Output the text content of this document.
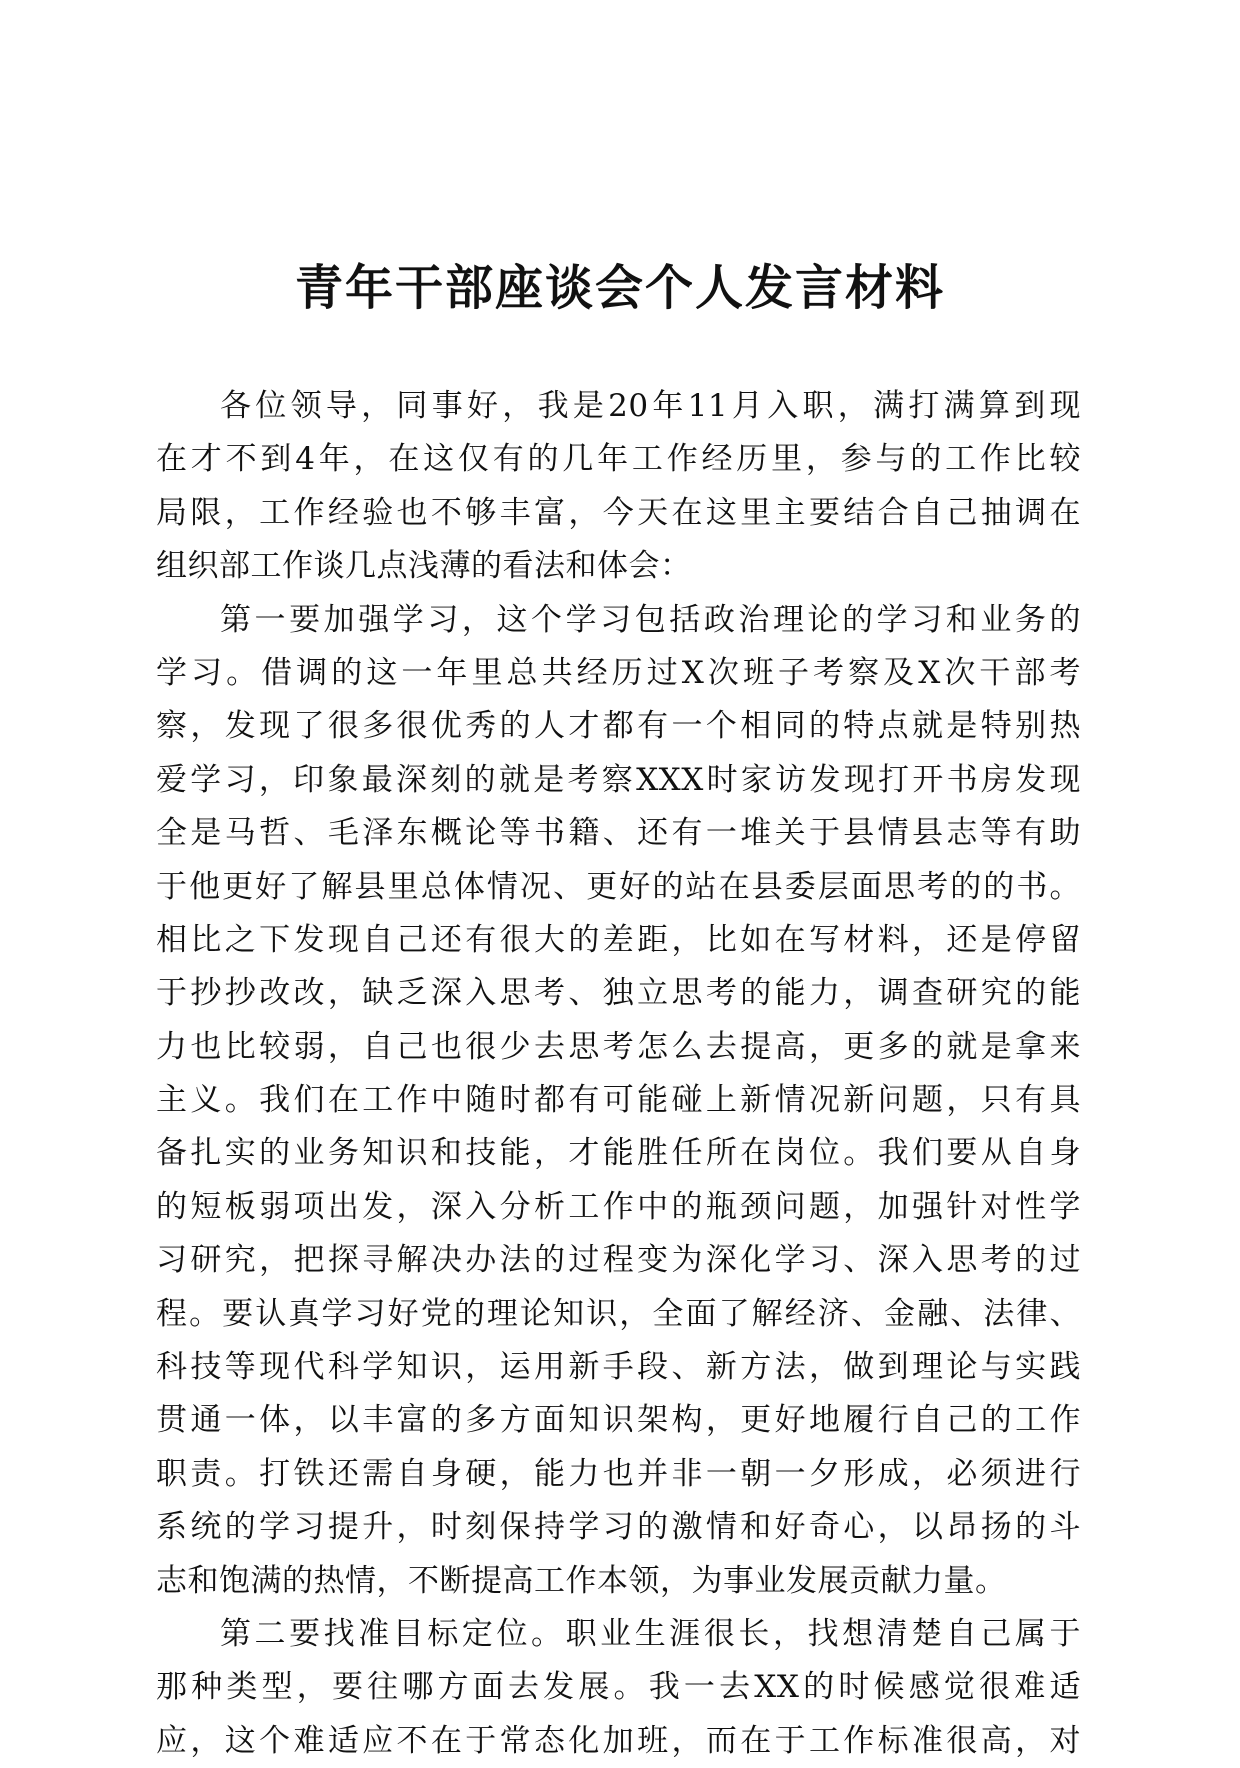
青年干部座谈会个人发言材料
各位领导，同事好，我是20年11月入职，满打满算到现
在才不到4年，在这仅有的几年工作经历里，参与的工作比较
局限，工作经验也不够丰富，今天在这里主要结合自己抽调在
组织部工作谈几点浅薄的看法和体会：
第一要加强学习，这个学习包括政治理论的学习和业务的
学习。借调的这一年里总共经历过X次班子考察及X次干部考
察，发现了很多很优秀的人才都有一个相同的特点就是特别热
爱学习，印象最深刻的就是考察XXX时家访发现打开书房发现
全是马哲、毛泽东概论等书籍、还有一堆关于县情县志等有助
于他更好了解县里总体情况、更好的站在县委层面思考的的书。
相比之下发现自己还有很大的差距，比如在写材料，还是停留
于抄抄改改，缺乏深入思考、独立思考的能力，调查研究的能
力也比较弱，自己也很少去思考怎么去提高，更多的就是拿来
主义。我们在工作中随时都有可能碰上新情况新问题，只有具
备扎实的业务知识和技能，才能胜任所在岗位。我们要从自身
的短板弱项出发，深入分析工作中的瓶颈问题，加强针对性学
习研究，把探寻解决办法的过程变为深化学习、深入思考的过
程。要认真学习好党的理论知识，全面了解经济、金融、法律、
科技等现代科学知识，运用新手段、新方法，做到理论与实践
贯通一体，以丰富的多方面知识架构，更好地履行自己的工作
职责。打铁还需自身硬，能力也并非一朝一夕形成，必须进行
系统的学习提升，时刻保持学习的激情和好奇心，以昂扬的斗
志和饱满的热情，不断提高工作本领，为事业发展贡献力量。
第二要找准目标定位。职业生涯很长，找想清楚自己属于
那种类型，要往哪方面去发展。我一去XX的时候感觉很难适
应，这个难适应不在于常态化加班，而在于工作标准很高，对
